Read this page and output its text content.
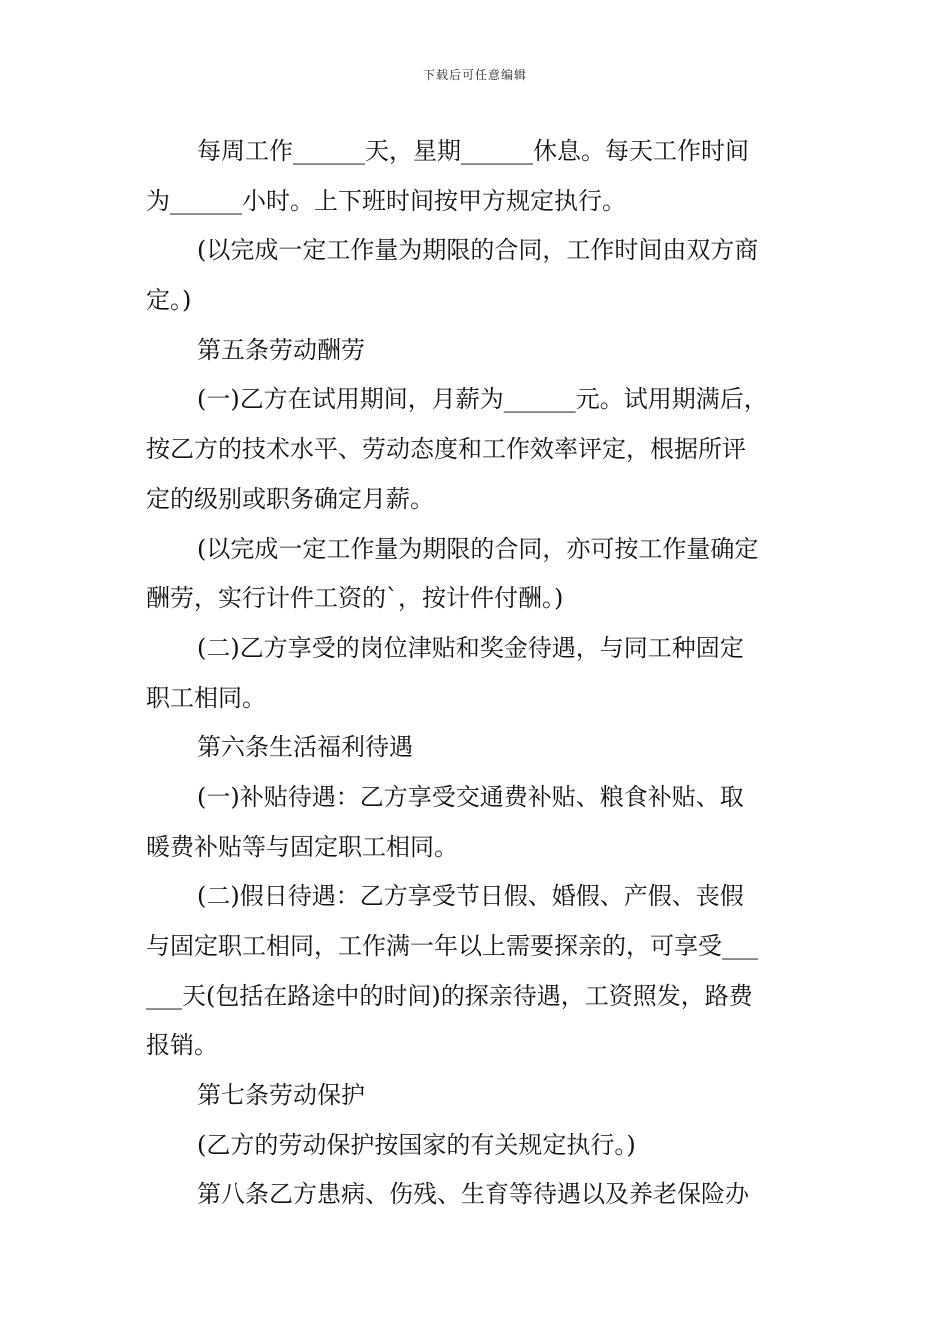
下载后可任意编辑
每周工作______天，星期______休息。每天工作时间
为______小时。上下班时间按甲方规定执行。
(以完成一定工作量为期限的合同，工作时间由双方商
定。)
第五条劳动酬劳
(一)乙方在试用期间，月薪为______元。试用期满后，
按乙方的技术水平、劳动态度和工作效率评定，根据所评
定的级别或职务确定月薪。
(以完成一定工作量为期限的合同，亦可按工作量确定
酬劳，实行计件工资的`，按计件付酬。)
(二)乙方享受的岗位津贴和奖金待遇，与同工种固定
职工相同。
第六条生活福利待遇
(一)补贴待遇：乙方享受交通费补贴、粮食补贴、取
暖费补贴等与固定职工相同。
(二)假日待遇：乙方享受节日假、婚假、产假、丧假
与固定职工相同，工作满一年以上需要探亲的，可享受___
___天(包括在路途中的时间)的探亲待遇，工资照发，路费
报销。
第七条劳动保护
(乙方的劳动保护按国家的有关规定执行。)
第八条乙方患病、伤残、生育等待遇以及养老保险办
